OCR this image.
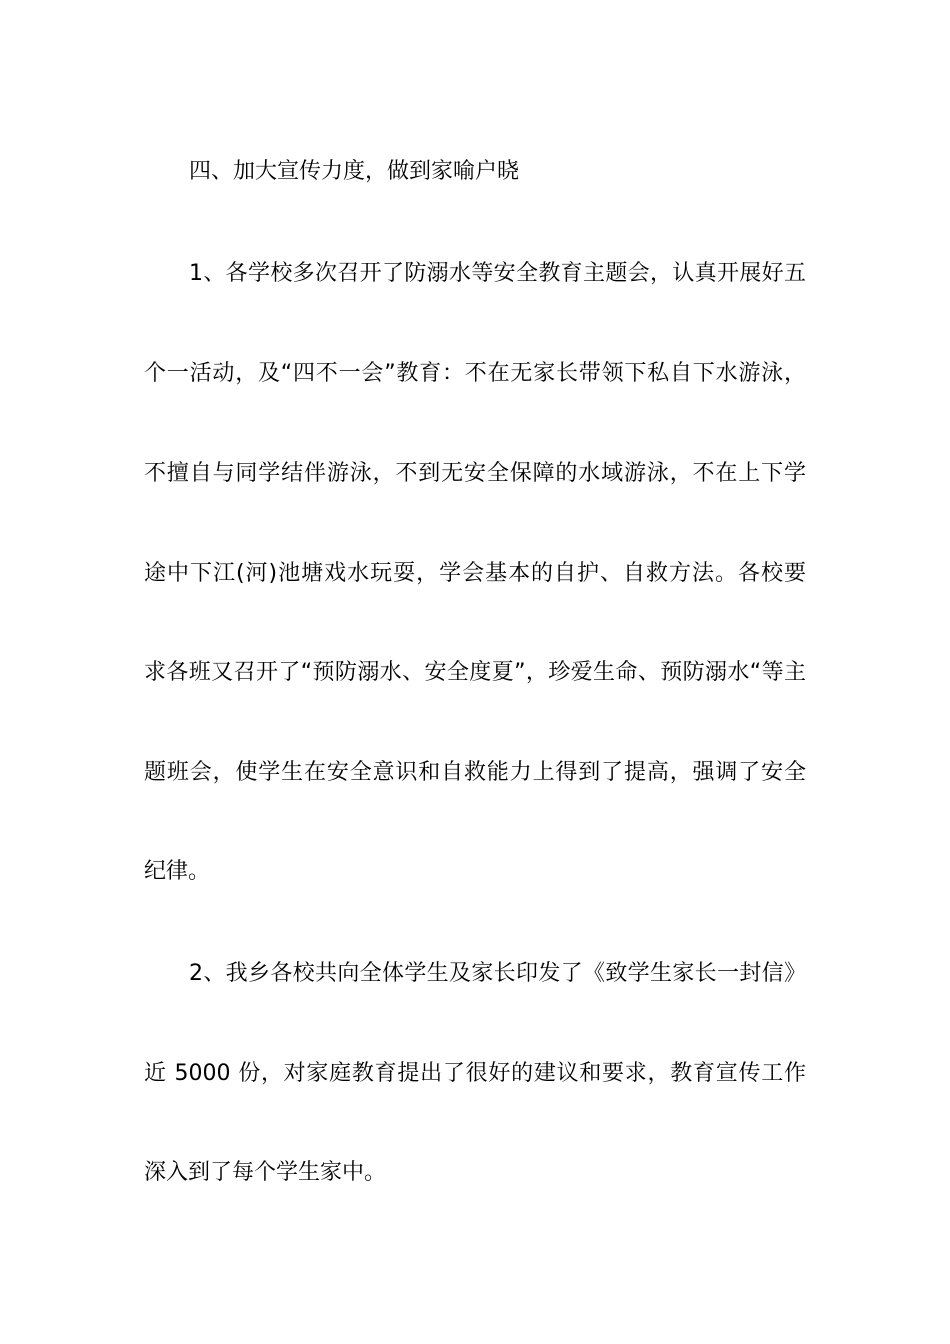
四、加大宣传力度，做到家喻户晓

1、各学校多次召开了防溺水等安全教育主题会，认真开展好五

个一活动，及“四不一会”教育：不在无家长带领下私自下水游泳，

不擅自与同学结伴游泳，不到无安全保障的水域游泳，不在上下学

途中下江(河)池塘戏水玩耍，学会基本的自护、自救方法。各校要

求各班又召开了“预防溺水、安全度夏”，珍爱生命、预防溺水“等主

题班会，使学生在安全意识和自救能力上得到了提高，强调了安全

纪律。

2、我乡各校共向全体学生及家长印发了《致学生家长一封信》

近 5000 份，对家庭教育提出了很好的建议和要求，教育宣传工作

深入到了每个学生家中。
